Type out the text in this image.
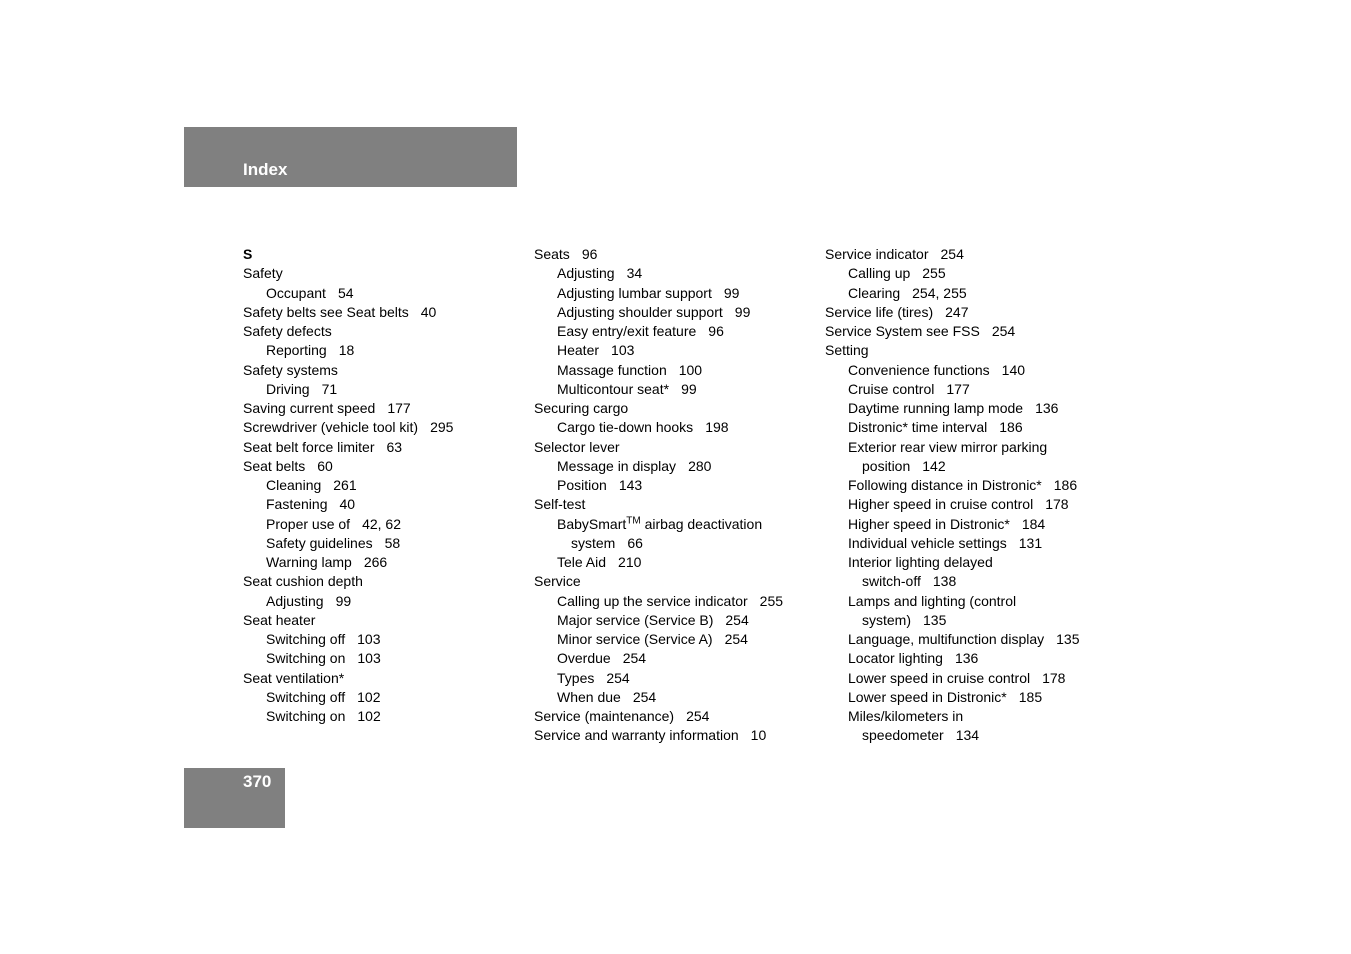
Index
S
Safety
Occupant 54
Safety belts see Seat belts 40
Safety defects
Reporting 18
Safety systems
Driving 71
Saving current speed 177
Screwdriver (vehicle tool kit) 295
Seat belt force limiter 63
Seat belts 60
Cleaning 261
Fastening 40
Proper use of 42, 62
Safety guidelines 58
Warning lamp 266
Seat cushion depth
Adjusting 99
Seat heater
Switching off 103
Switching on 103
Seat ventilation*
Switching off 102
Switching on 102
Seats 96
Adjusting 34
Adjusting lumbar support 99
Adjusting shoulder support 99
Easy entry/exit feature 96
Heater 103
Massage function 100
Multicontour seat* 99
Securing cargo
Cargo tie-down hooks 198
Selector lever
Message in display 280
Position 143
Self-test
BabySmart™ airbag deactivation
system 66
Tele Aid 210
Service
Calling up the service indicator 255
Major service (Service B) 254
Minor service (Service A) 254
Overdue 254
Types 254
When due 254
Service (maintenance) 254
Service and warranty information 10
Service indicator 254
Calling up 255
Clearing 254, 255
Service life (tires) 247
Service System see FSS 254
Setting
Convenience functions 140
Cruise control 177
Daytime running lamp mode 136
Distronic* time interval 186
Exterior rear view mirror parking
position 142
Following distance in Distronic* 186
Higher speed in cruise control 178
Higher speed in Distronic* 184
Individual vehicle settings 131
Interior lighting delayed
switch-off 138
Lamps and lighting (control
system) 135
Language, multifunction display 135
Locator lighting 136
Lower speed in cruise control 178
Lower speed in Distronic* 185
Miles/kilometers in
speedometer 134
370
